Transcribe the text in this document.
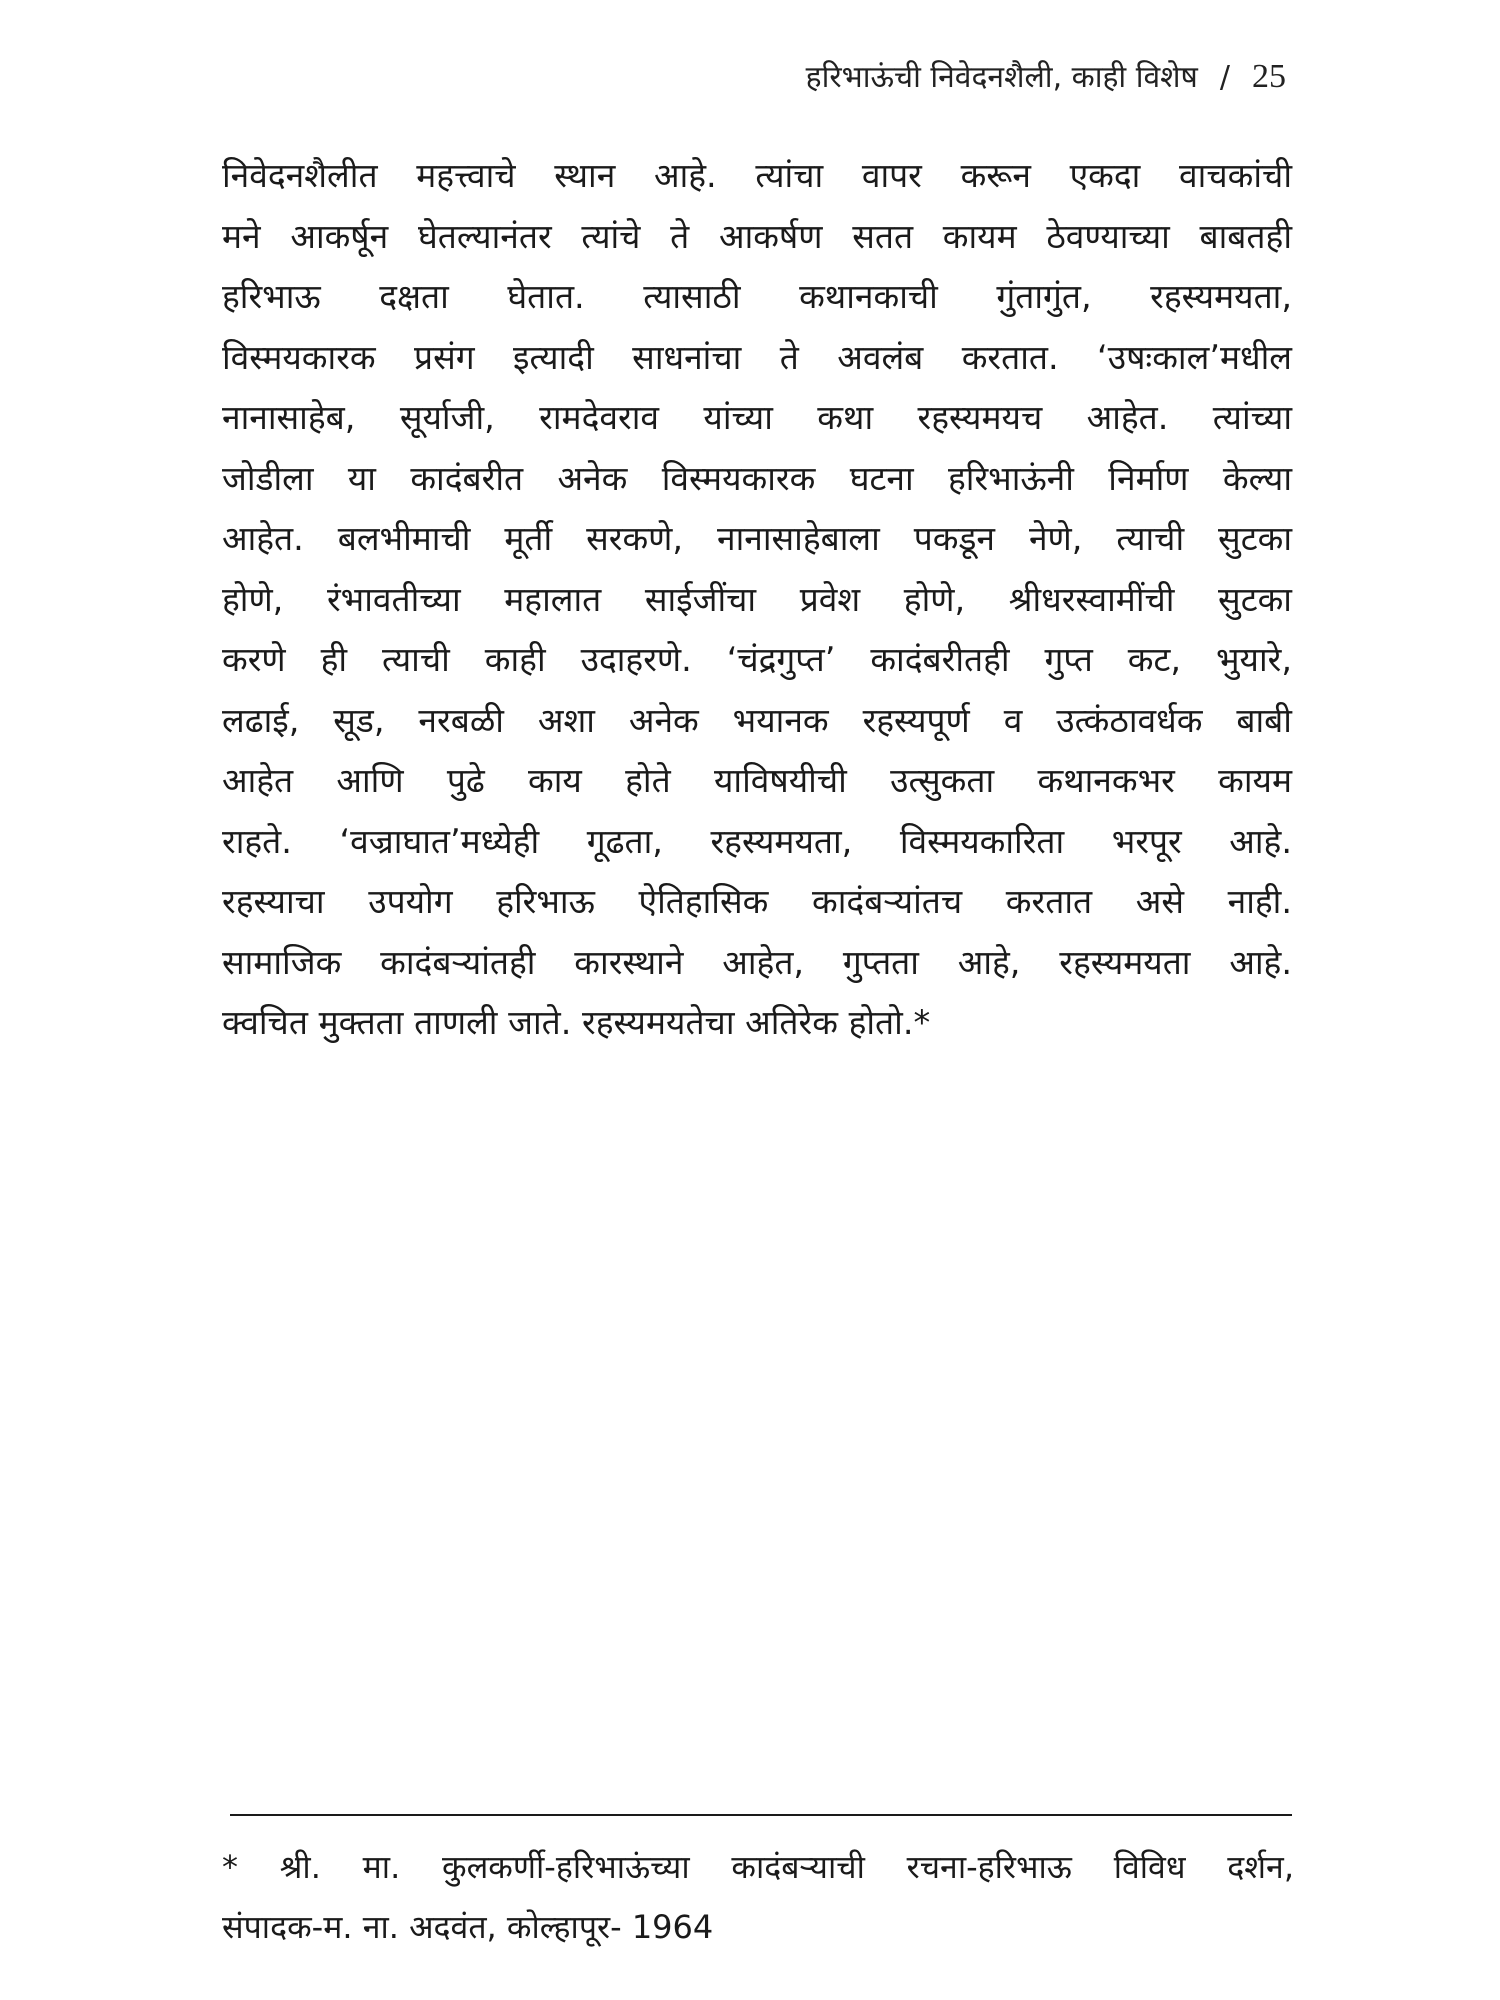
हरिभाऊंची निवेदनशैली, काही विशेष / 25
निवेदनशैलीत महत्त्वाचे स्थान आहे. त्यांचा वापर करून एकदा वाचकांची
मने आकर्षून घेतल्यानंतर त्यांचे ते आकर्षण सतत कायम ठेवण्याच्या बाबतही
हरिभाऊ दक्षता घेतात. त्यासाठी कथानकाची गुंतागुंत, रहस्यमयता,
विस्मयकारक प्रसंग इत्यादी साधनांचा ते अवलंब करतात. ‘उषःकाल’मधील
नानासाहेब, सूर्याजी, रामदेवराव यांच्या कथा रहस्यमयच आहेत. त्यांच्या
जोडीला या कादंबरीत अनेक विस्मयकारक घटना हरिभाऊंनी निर्माण केल्या
आहेत. बलभीमाची मूर्ती सरकणे, नानासाहेबाला पकडून नेणे, त्याची सुटका
होणे, रंभावतीच्या महालात साईजींचा प्रवेश होणे, श्रीधरस्वामींची सुटका
करणे ही त्याची काही उदाहरणे. ‘चंद्रगुप्त’ कादंबरीतही गुप्त कट, भुयारे,
लढाई, सूड, नरबळी अशा अनेक भयानक रहस्यपूर्ण व उत्कंठावर्धक बाबी
आहेत आणि पुढे काय होते याविषयीची उत्सुकता कथानकभर कायम
राहते. ‘वज्राघात’मध्येही गूढता, रहस्यमयता, विस्मयकारिता भरपूर आहे.
रहस्याचा उपयोग हरिभाऊ ऐतिहासिक कादंबऱ्यांतच करतात असे नाही.
सामाजिक कादंबऱ्यांतही कारस्थाने आहेत, गुप्तता आहे, रहस्यमयता आहे.
क्वचित मुक्तता ताणली जाते. रहस्यमयतेचा अतिरेक होतो.*
* श्री. मा. कुलकर्णी-हरिभाऊंच्या कादंबऱ्याची रचना-हरिभाऊ विविध दर्शन,
संपादक-म. ना. अदवंत, कोल्हापूर- 1964
